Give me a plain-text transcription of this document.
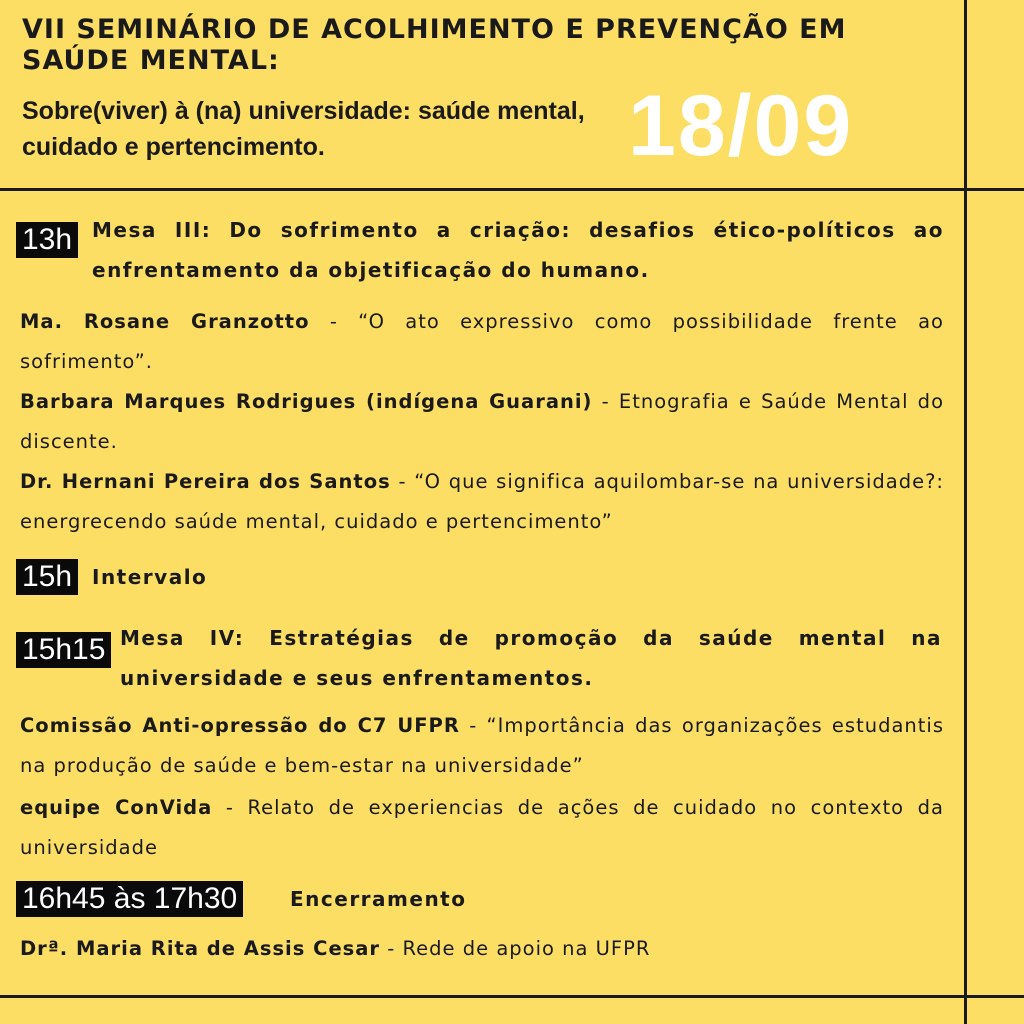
VII SEMINÁRIO DE ACOLHIMENTO E PREVENÇÃO EM SAÚDE MENTAL:
Sobre(viver) à (na) universidade: saúde mental, cuidado e pertencimento.	18/09
13h Mesa III: Do sofrimento a criação: desafios ético-políticos ao enfrentamento da objetificação do humano.
Ma. Rosane Granzotto - “O ato expressivo como possibilidade frente ao sofrimento”.
Barbara Marques Rodrigues (indígena Guarani) - Etnografia e Saúde Mental do discente.
Dr. Hernani Pereira dos Santos - “O que significa aquilombar-se na universidade?: energrecendo saúde mental, cuidado e pertencimento”
15h Intervalo
15h15 Mesa IV: Estratégias de promoção da saúde mental na universidade e seus enfrentamentos.
Comissão Anti-opressão do C7 UFPR - “Importância das organizações estudantis na produção de saúde e bem-estar na universidade”
equipe ConVida - Relato de experiencias de ações de cuidado no contexto da universidade
16h45 às 17h30	Encerramento
Drª. Maria Rita de Assis Cesar - Rede de apoio na UFPR
